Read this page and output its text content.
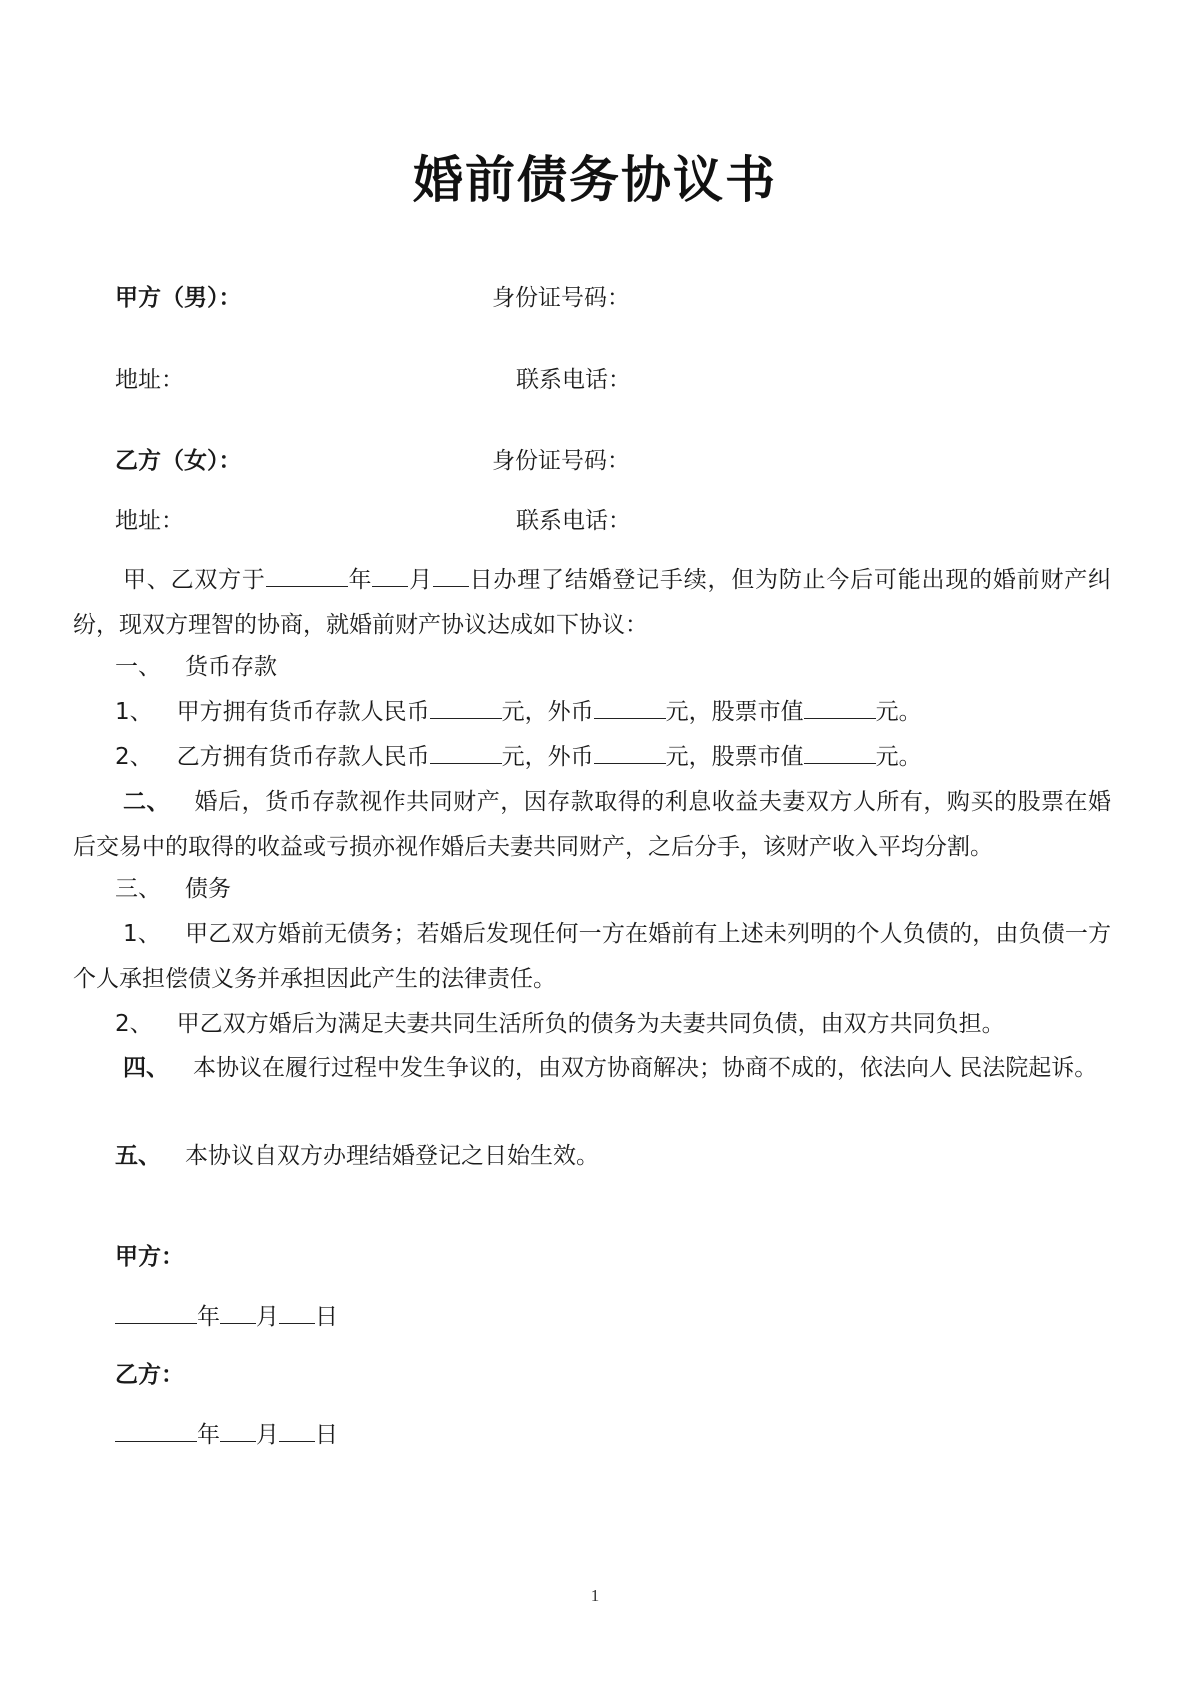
婚前债务协议书
甲方（男）：	身份证号码：
地址：	联系电话：
乙方（女）：	身份证号码：
地址：	联系电话：
甲、乙双方于	年 月 日办理了结婚登记手续，但为防止今后可能出现的婚前财产纠纷，现双方理智的协商，就婚前财产协议达成如下协议：
一、 货币存款
1、 甲方拥有货币存款人民币	元，外币	元，股票市值	元。
2、 乙方拥有货币存款人民币	元，外币	元，股票市值	元。
二、 婚后，货币存款视作共同财产，因存款取得的利息收益夫妻双方人所有，购买的股票在婚后交易中的取得的收益或亏损亦视作婚后夫妻共同财产，之后分手，该财产收入平均分割。
三、 债务
1、 甲乙双方婚前无债务；若婚后发现任何一方在婚前有上述未列明的个人负债的，由负债一方个人承担偿债义务并承担因此产生的法律责任。
2、 甲乙双方婚后为满足夫妻共同生活所负的债务为夫妻共同负债，由双方共同负担。
四、 本协议在履行过程中发生争议的，由双方协商解决；协商不成的，依法向人 民法院起诉。
五、 本协议自双方办理结婚登记之日始生效。
甲方：
年 月 日
乙方：
年 月 日
1
